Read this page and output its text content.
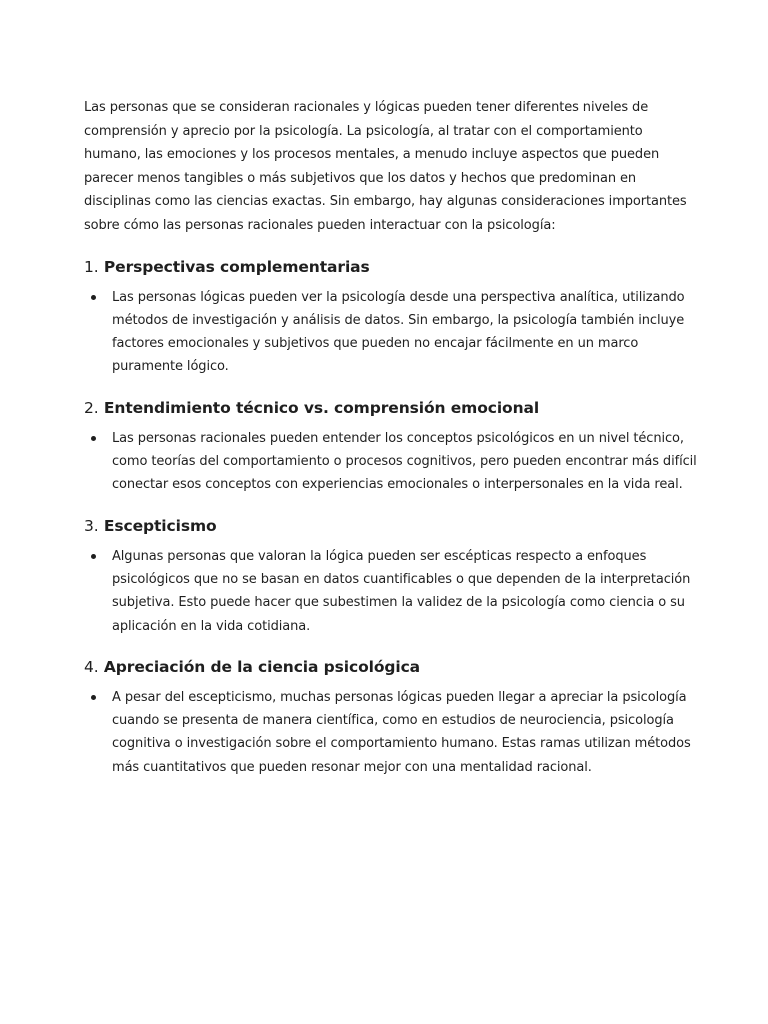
Las personas que se consideran racionales y lógicas pueden tener diferentes niveles de comprensión y aprecio por la psicología. La psicología, al tratar con el comportamiento humano, las emociones y los procesos mentales, a menudo incluye aspectos que pueden parecer menos tangibles o más subjetivos que los datos y hechos que predominan en disciplinas como las ciencias exactas. Sin embargo, hay algunas consideraciones importantes sobre cómo las personas racionales pueden interactuar con la psicología:

1. Perspectivas complementarias
Las personas lógicas pueden ver la psicología desde una perspectiva analítica, utilizando métodos de investigación y análisis de datos. Sin embargo, la psicología también incluye factores emocionales y subjetivos que pueden no encajar fácilmente en un marco puramente lógico.
2. Entendimiento técnico vs. comprensión emocional
Las personas racionales pueden entender los conceptos psicológicos en un nivel técnico, como teorías del comportamiento o procesos cognitivos, pero pueden encontrar más difícil conectar esos conceptos con experiencias emocionales o interpersonales en la vida real.
3. Escepticismo
Algunas personas que valoran la lógica pueden ser escépticas respecto a enfoques psicológicos que no se basan en datos cuantificables o que dependen de la interpretación subjetiva. Esto puede hacer que subestimen la validez de la psicología como ciencia o su aplicación en la vida cotidiana.
4. Apreciación de la ciencia psicológica
A pesar del escepticismo, muchas personas lógicas pueden llegar a apreciar la psicología cuando se presenta de manera científica, como en estudios de neurociencia, psicología cognitiva o investigación sobre el comportamiento humano. Estas ramas utilizan métodos más cuantitativos que pueden resonar mejor con una mentalidad racional.
